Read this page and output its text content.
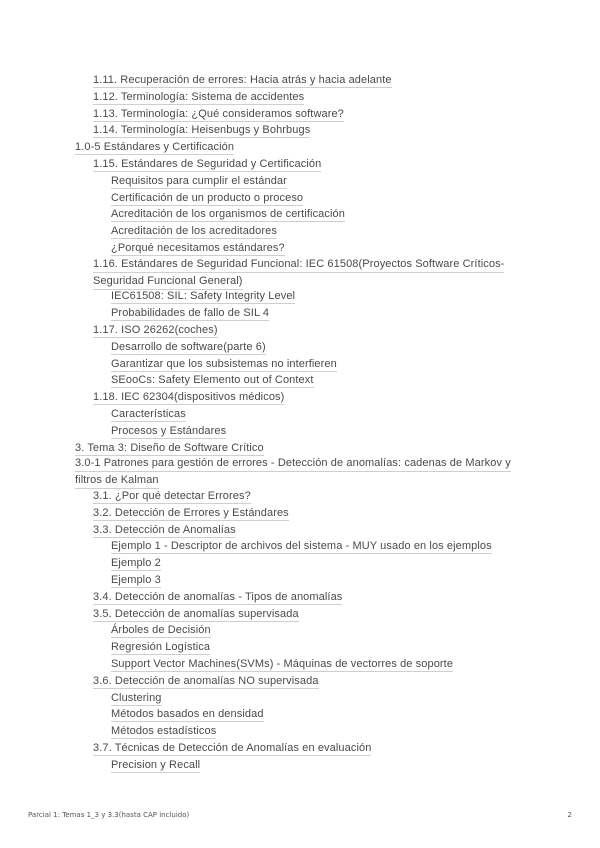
1.11. Recuperación de errores: Hacia atrás y hacia adelante
1.12. Terminología: Sistema de accidentes
1.13. Terminología: ¿Qué consideramos software?
1.14. Terminología: Heisenbugs y Bohrbugs
1.0-5 Estándares y Certificación
1.15. Estándares de Seguridad y Certificación
Requisitos para cumplir el estándar
Certificación de un producto o proceso
Acreditación de los organismos de certificación
Acreditación de los acreditadores
¿Porqué necesitamos estándares?
1.16. Estándares de Seguridad Funcional: IEC 61508(Proyectos Software Críticos-
Seguridad Funcional General)
IEC61508: SIL: Safety Integrity Level
Probabilidades de fallo de SIL 4
1.17. ISO 26262(coches)
Desarrollo de software(parte 6)
Garantizar que los subsistemas no interfieren
SEooCs: Safety Elemento out of Context
1.18. IEC 62304(dispositivos médicos)
Características
Procesos y Estándares
3. Tema 3: Diseño de Software Crítico
3.0-1 Patrones para gestión de errores - Detección de anomalías: cadenas de Markov y
filtros de Kalman
3.1. ¿Por qué detectar Errores?
3.2. Detección de Errores y Estándares
3.3. Detección de Anomalías
Ejemplo 1 - Descriptor de archivos del sistema - MUY usado en los ejemplos
Ejemplo 2
Ejemplo 3
3.4. Detección de anomalías - Tipos de anomalías
3.5. Detección de anomalías supervisada
Árboles de Decisión
Regresión Logística
Support Vector Machines(SVMs) - Máquinas de vectorres de soporte
3.6. Detección de anomalías NO supervisada
Clustering
Métodos basados en densidad
Métodos estadísticos
3.7. Técnicas de Detección de Anomalías en evaluación
Precision y Recall
Parcial 1: Temas 1_3 y 3.3(hasta CAP incluido)	2
